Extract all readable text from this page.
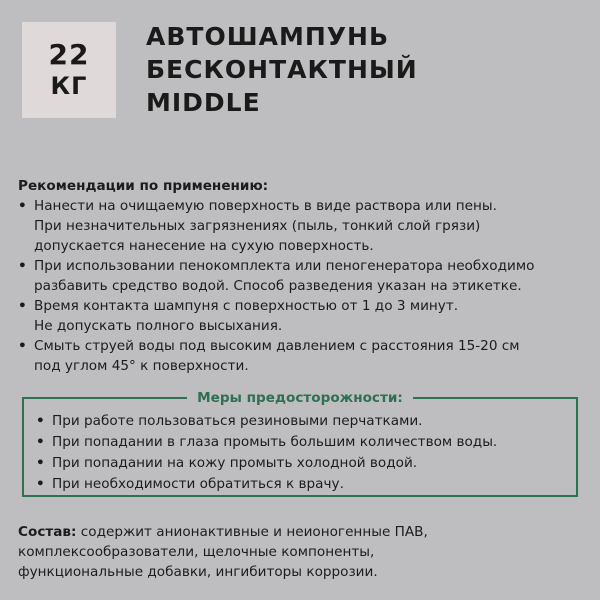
22
КГ
АВТОШАМПУНЬ
БЕСКОНТАКТНЫЙ
MIDDLE
Рекомендации по применению:
• Нанести на очищаемую поверхность в виде раствора или пены.
При незначительных загрязнениях (пыль, тонкий слой грязи)
допускается нанесение на сухую поверхность.
• При использовании пенокомплекта или пеногенератора необходимо
разбавить средство водой. Способ разведения указан на этикетке.
• Время контакта шампуня с поверхностью от 1 до 3 минут.
Не допускать полного высыхания.
• Смыть струей воды под высоким давлением с расстояния 15-20 см
под углом 45° к поверхности.
Меры предосторожности:
• При работе пользоваться резиновыми перчатками.
• При попадании в глаза промыть большим количеством воды.
• При попадании на кожу промыть холодной водой.
• При необходимости обратиться к врачу.
Состав: содержит анионактивные и неионогенные ПАВ,
комплексообразователи, щелочные компоненты,
функциональные добавки, ингибиторы коррозии.
